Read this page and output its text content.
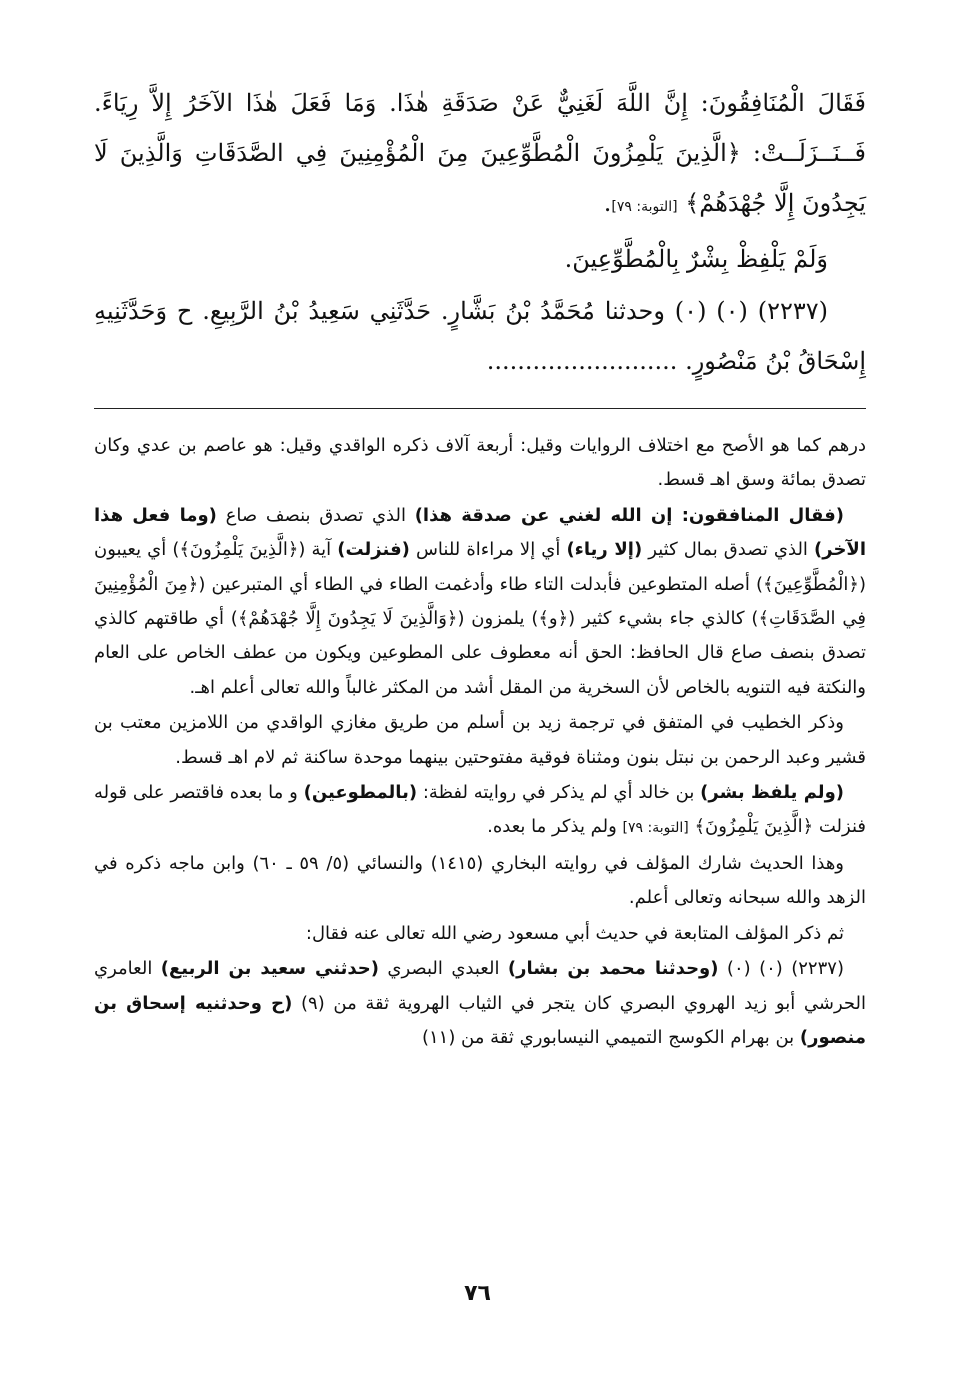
فَقَالَ الْمُنَافِقُونَ: إِنَّ اللَّهَ لَغَنِيٌّ عَنْ صَدَقَةِ هٰذَا. وَمَا فَعَلَ هٰذَا الآخَرُ إِلاَّ رِيَاءً. فَــنَــزَلَــتْ: ﴿الَّذِينَ يَلْمِزُونَ الْمُطَّوِّعِينَ مِنَ الْمُؤْمِنِينَ فِي الصَّدَقَاتِ وَالَّذِينَ لَا يَجِدُونَ إِلَّا جُهْدَهُمْ﴾ [التوبة: ٧٩].

وَلَمْ يَلْفِظْ بِشْرٌ بِالْمُطَّوِّعِينَ.

(٢٢٣٧) (٠) (٠) وحدثنا مُحَمَّدُ بْنُ بَشَّارٍ. حَدَّثَنِي سَعِيدُ بْنُ الرَّبِيعِ. ح وَحَدَّثَنِيهِ إِسْحَاقُ بْنُ مَنْصُورٍ. .........................

درهم كما هو الأصح مع اختلاف الروايات وقيل: أربعة آلاف ذكره الواقدي وقيل: هو عاصم بن عدي وكان تصدق بمائة وسق اهـ قسط.

(فقال المنافقون: إن الله لغني عن صدقة هذا) الذي تصدق بنصف صاع (وما فعل هذا الآخر) الذي تصدق بمال كثير (إلا رياء) أي إلا مراءاة للناس (فنزلت) آية (﴿الَّذِينَ يَلْمِزُونَ﴾) أي يعيبون (﴿الْمُطَّوِّعِينَ﴾) أصله المتطوعين فأبدلت التاء طاء وأدغمت الطاء في الطاء أي المتبرعين (﴿مِنَ الْمُؤْمِنِينَ فِي الصَّدَقَاتِ﴾) كالذي جاء بشيء كثير (﴿و﴾) يلمزون (﴿وَالَّذِينَ لَا يَجِدُونَ إِلَّا جُهْدَهُمْ﴾) أي طاقتهم كالذي تصدق بنصف صاع قال الحافظ: الحق أنه معطوف على المطوعين ويكون من عطف الخاص على العام والنكتة فيه التنويه بالخاص لأن السخرية من المقل أشد من المكثر غالباً والله تعالى أعلم اهـ.

وذكر الخطيب في المتفق في ترجمة زيد بن أسلم من طريق مغازي الواقدي من اللامزين معتب بن قشير وعبد الرحمن بن نبتل بنون ومثناة فوقية مفتوحتين بينهما موحدة ساكنة ثم لام اهـ قسط.

(ولم يلفظ بشر) بن خالد أي لم يذكر في روايته لفظة: (بالمطوعين) و ما بعده فاقتصر على قوله فنزلت ﴿الَّذِينَ يَلْمِزُونَ﴾ [التوبة: ٧٩] ولم يذكر ما بعده.

وهذا الحديث شارك المؤلف في روايته البخاري (١٤١٥) والنسائي (٥/ ٥٩ ـ ٦٠) وابن ماجه ذكره في الزهد والله سبحانه وتعالى أعلم.

ثم ذكر المؤلف المتابعة في حديث أبي مسعود رضي الله تعالى عنه فقال:

(٢٢٣٧) (٠) (٠) (وحدثنا محمد بن بشار) العبدي البصري (حدثني سعيد بن الربيع) العامري الحرشي أبو زيد الهروي البصري كان يتجر في الثياب الهروية ثقة من (٩) (ح وحدثنيه إسحاق بن منصور) بن بهرام الكوسج التميمي النيسابوري ثقة من (١١)

٧٦
